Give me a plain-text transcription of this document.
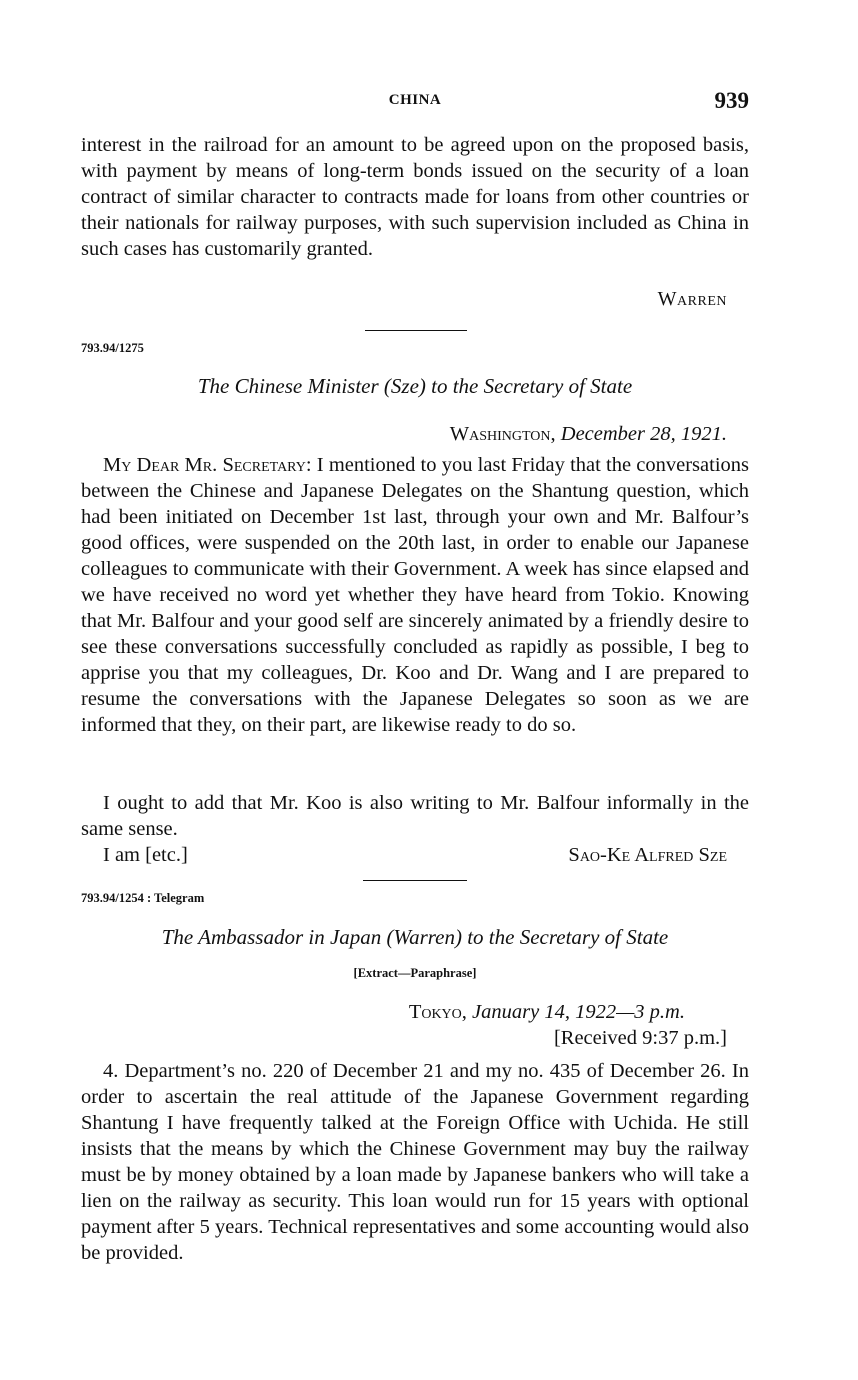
CHINA	939

interest in the railroad for an amount to be agreed upon on the proposed basis, with payment by means of long-term bonds issued on the security of a loan contract of similar character to contracts made for loans from other countries or their nationals for railway purposes, with such supervision included as China in such cases has customarily granted.

Warren
793.94/1275
The Chinese Minister (Sze) to the Secretary of State
Washington, December 28, 1921.

My Dear Mr. Secretary: I mentioned to you last Friday that the conversations between the Chinese and Japanese Delegates on the Shantung question, which had been initiated on December 1st last, through your own and Mr. Balfour’s good offices, were suspended on the 20th last, in order to enable our Japanese colleagues to communicate with their Government. A week has since elapsed and we have received no word yet whether they have heard from Tokio. Knowing that Mr. Balfour and your good self are sincerely animated by a friendly desire to see these conversations successfully concluded as rapidly as possible, I beg to apprise you that my colleagues, Dr. Koo and Dr. Wang and I are prepared to resume the conversations with the Japanese Delegates so soon as we are informed that they, on their part, are likewise ready to do so.

I ought to add that Mr. Koo is also writing to Mr. Balfour informally in the same sense.

I am [etc.]	Sao-Ke Alfred Sze
793.94/1254 : Telegram
The Ambassador in Japan (Warren) to the Secretary of State
[Extract—Paraphrase]
Tokyo, January 14, 1922—3 p.m.
[Received 9:37 p.m.]

4. Department’s no. 220 of December 21 and my no. 435 of December 26. In order to ascertain the real attitude of the Japanese Government regarding Shantung I have frequently talked at the Foreign Office with Uchida. He still insists that the means by which the Chinese Government may buy the railway must be by money obtained by a loan made by Japanese bankers who will take a lien on the railway as security. This loan would run for 15 years with optional payment after 5 years. Technical representatives and some accounting would also be provided.
